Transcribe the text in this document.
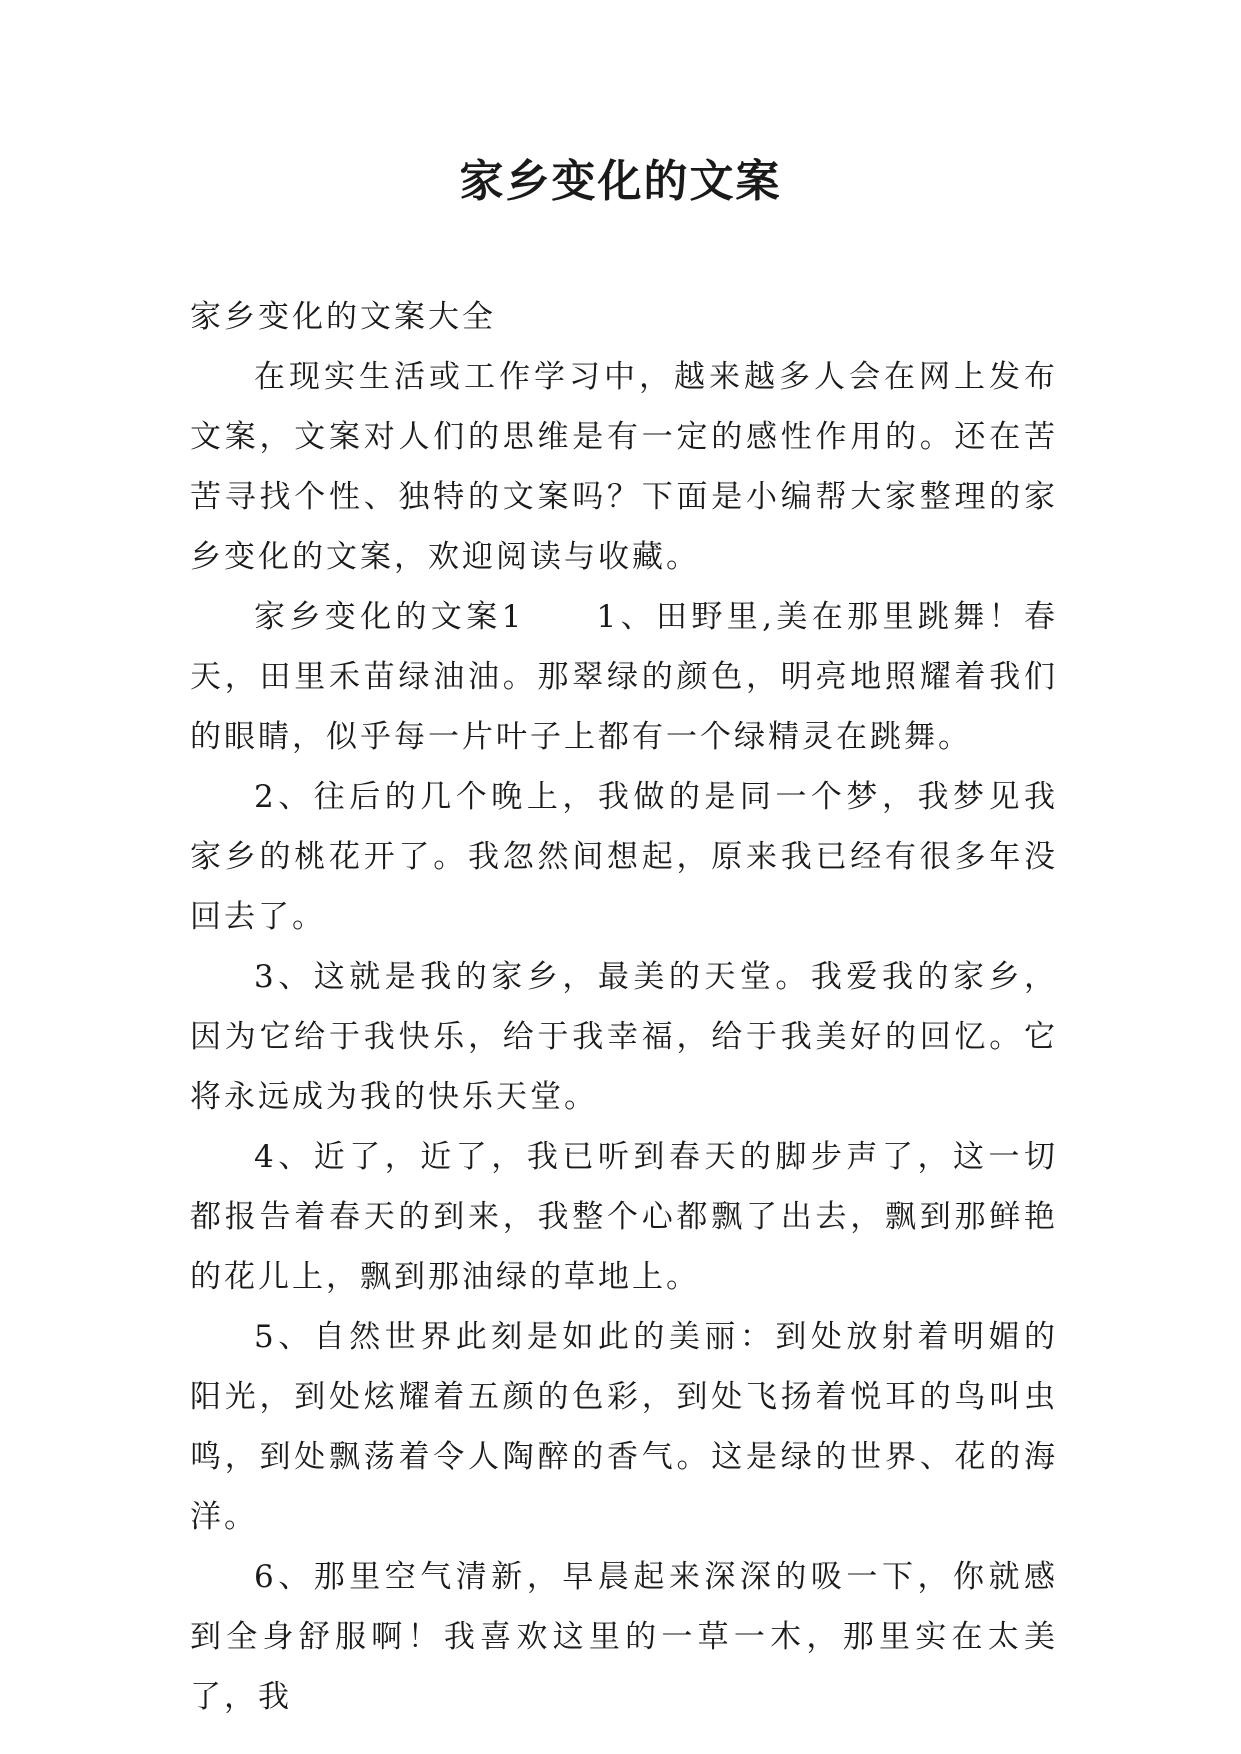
家乡变化的文案

家乡变化的文案大全

在现实生活或工作学习中，越来越多人会在网上发布文案，文案对人们的思维是有一定的感性作用的。还在苦苦寻找个性、独特的文案吗？下面是小编帮大家整理的家乡变化的文案，欢迎阅读与收藏。

家乡变化的文案1　　1、田野里,美在那里跳舞！春天，田里禾苗绿油油。那翠绿的颜色，明亮地照耀着我们的眼睛，似乎每一片叶子上都有一个绿精灵在跳舞。

2、往后的几个晚上，我做的是同一个梦，我梦见我家乡的桃花开了。我忽然间想起，原来我已经有很多年没回去了。

3、这就是我的家乡，最美的天堂。我爱我的家乡，因为它给于我快乐，给于我幸福，给于我美好的回忆。它将永远成为我的快乐天堂。

4、近了，近了，我已听到春天的脚步声了，这一切都报告着春天的到来，我整个心都飘了出去，飘到那鲜艳的花儿上，飘到那油绿的草地上。

5、自然世界此刻是如此的美丽：到处放射着明媚的阳光，到处炫耀着五颜的色彩，到处飞扬着悦耳的鸟叫虫鸣，到处飘荡着令人陶醉的香气。这是绿的世界、花的海洋。

6、那里空气清新，早晨起来深深的吸一下，你就感到全身舒服啊！我喜欢这里的一草一木，那里实在太美了，我
